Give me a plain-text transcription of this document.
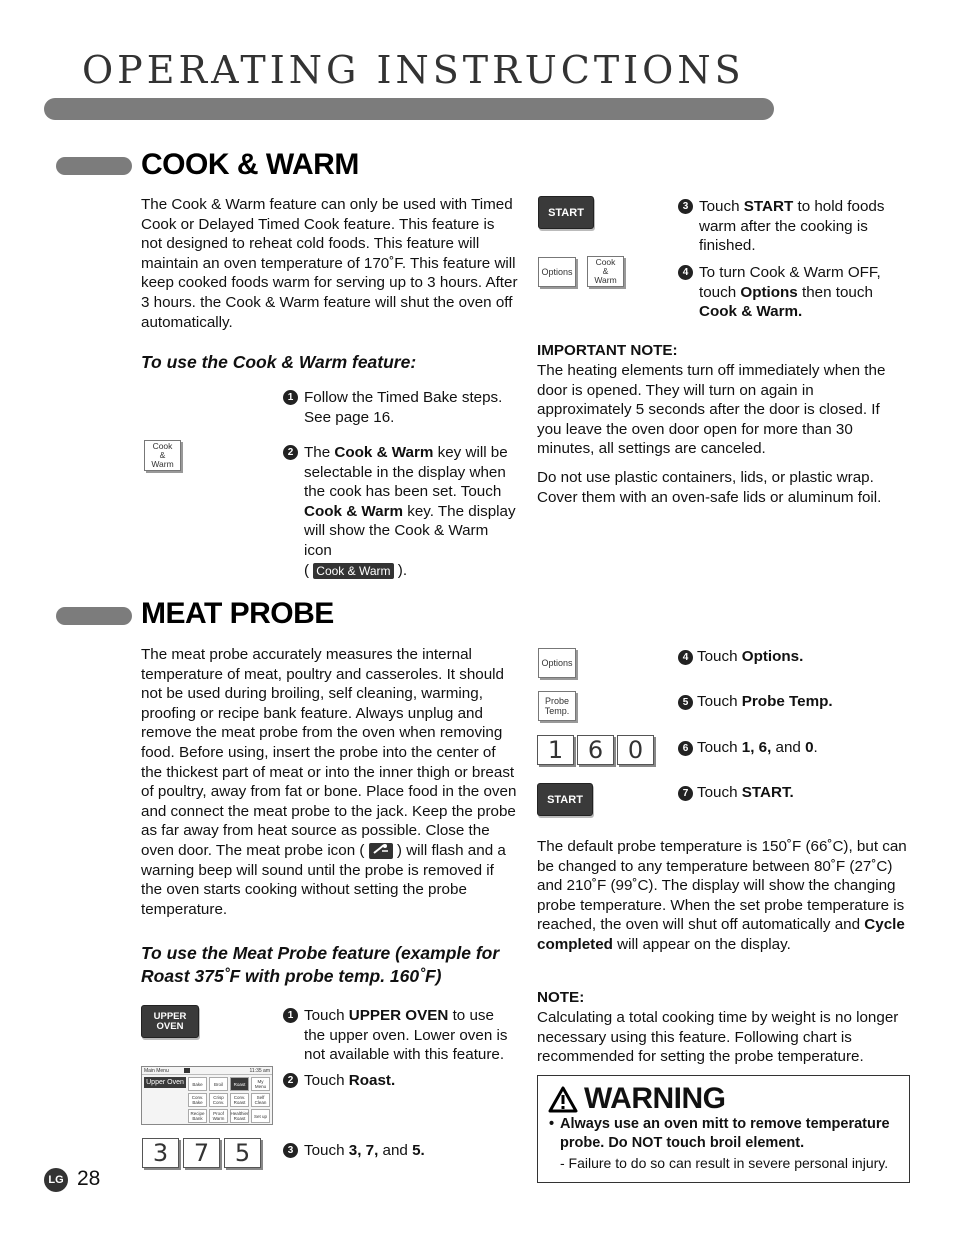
OPERATING INSTRUCTIONS
COOK & WARM
The Cook & Warm feature can only be used with Timed Cook or Delayed Timed Cook feature. This feature is not designed to reheat cold foods. This feature will maintain an oven temperature of 170˚F. This feature will keep cooked foods warm for serving up to 3 hours. After 3 hours. the Cook & Warm feature will shut the oven off automatically.
To use the Cook & Warm feature:
1 Follow the Timed Bake steps. See page 16.
Cook
&
Warm
2 The Cook & Warm key will be selectable in the display when the cook has been set. Touch Cook & Warm key. The display will show the Cook & Warm icon
( Cook & Warm ).
START
Options
Cook
&
Warm
3 Touch START to hold foods warm after the cooking is finished.
4 To turn Cook & Warm OFF, touch Options then touch Cook & Warm.
IMPORTANT NOTE:
The heating elements turn off immediately when the door is opened. They will turn on again in approximately 5 seconds after the door is closed. If you leave the oven door open for more than 30 minutes, all settings are canceled.
Do not use plastic containers, lids, or plastic wrap. Cover them with an oven-safe lids or aluminum foil.
MEAT PROBE
The meat probe accurately measures the internal temperature of meat, poultry and casseroles. It should not be used during broiling, self cleaning, warming, proofing or recipe bank feature. Always unplug and remove the meat probe from the oven when removing food. Before using, insert the probe into the center of the thickest part of meat or into the inner thigh or breast of poultry, away from fat or bone. Place food in the oven and connect the meat probe to the jack. Keep the probe as far away from heat source as possible. Close the oven door. The meat probe icon ( ) will flash and a warning beep will sound until the probe is removed if the oven starts cooking without setting the probe temperature.
To use the Meat Probe feature (example for Roast 375˚F with probe temp. 160˚F)
UPPER
OVEN
1 Touch UPPER OVEN to use the upper oven. Lower oven is not available with this feature.
Main Menu	11:35 am
Upper Oven	Bake	Broil	Roast	My Menu
Conv. Bake
Crisp Conv.
Conv. Roast
Self Clean
Recipe Bank
Proof Warm
Healthier Roast	Set up
2 Touch Roast.
3	7	5	3 Touch 3, 7, and 5.
Options
Probe
Temp.
1	6	0
START
4 Touch Options.
5 Touch Probe Temp.
6 Touch 1, 6, and 0.
7 Touch START.
The default probe temperature is 150˚F (66˚C), but can be changed to any temperature between 80˚F (27˚C) and 210˚F (99˚C). The display will show the changing probe temperature. When the set probe temperature is reached, the oven will shut off automatically and Cycle completed will appear on the display.
NOTE:
Calculating a total cooking time by weight is no longer necessary using this feature. Following chart is recommended for setting the probe temperature.
WARNING
• Always use an oven mitt to remove temperature probe. Do NOT touch broil element.
- Failure to do so can result in severe personal injury.
LG 28
